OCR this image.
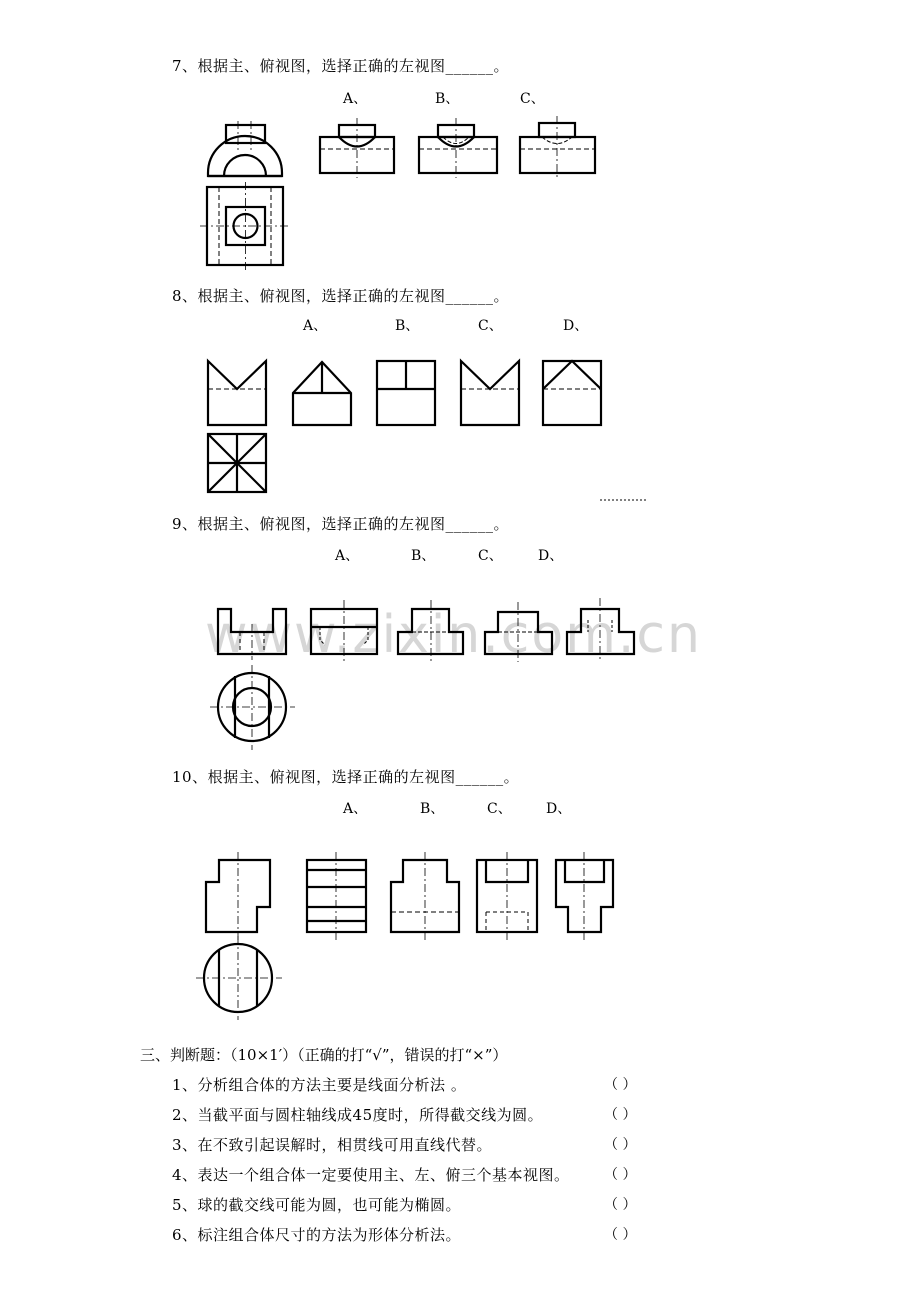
www.zixin.com.cn
7、根据主、俯视图，选择正确的左视图______。
A、	B、	C、
8、根据主、俯视图，选择正确的左视图______。
A、	B、	C、	D、
9、根据主、俯视图，选择正确的左视图______。
A、	B、	C、	D、
10、根据主、俯视图，选择正确的左视图______。
A、	B、	C、 D、
三、判断题：（10×1′）（正确的打“√”，错误的打“×”）
1、分析组合体的方法主要是线面分析法 。	（ ）
2、当截平面与圆柱轴线成45度时，所得截交线为圆。	（ ）
3、在不致引起误解时，相贯线可用直线代替。	（ ）
4、表达一个组合体一定要使用主、左、俯三个基本视图。 （ ）
5、球的截交线可能为圆，也可能为椭圆。	（ ）
6、标注组合体尺寸的方法为形体分析法。	（ ）
